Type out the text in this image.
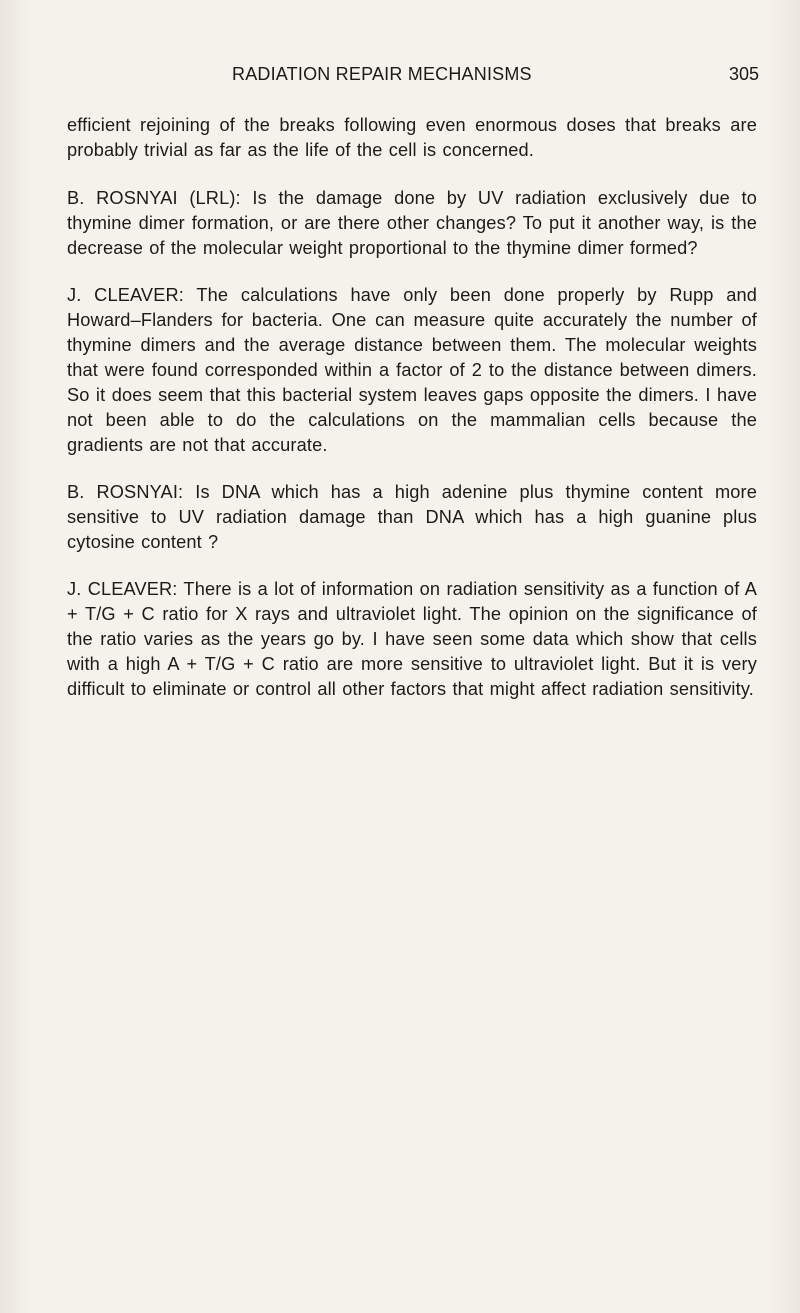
RADIATION REPAIR MECHANISMS	305

efficient rejoining of the breaks following even enormous doses that breaks are probably trivial as far as the life of the cell is concerned.

B. ROSNYAI (LRL): Is the damage done by UV radiation exclusively due to thymine dimer formation, or are there other changes? To put it another way, is the decrease of the molecular weight proportional to the thymine dimer formed?

J. CLEAVER: The calculations have only been done properly by Rupp and Howard–Flanders for bacteria. One can measure quite accurately the number of thymine dimers and the average distance between them. The molecular weights that were found corresponded within a factor of 2 to the distance between dimers. So it does seem that this bacterial system leaves gaps opposite the dimers. I have not been able to do the calculations on the mammalian cells because the gradients are not that accurate.

B. ROSNYAI: Is DNA which has a high adenine plus thymine content more sensitive to UV radiation damage than DNA which has a high guanine plus cytosine content ?

J. CLEAVER: There is a lot of information on radiation sensitivity as a function of A + T/G + C ratio for X rays and ultraviolet light. The opinion on the significance of the ratio varies as the years go by. I have seen some data which show that cells with a high A + T/G + C ratio are more sensitive to ultraviolet light. But it is very difficult to eliminate or control all other factors that might affect radiation sensitivity.
